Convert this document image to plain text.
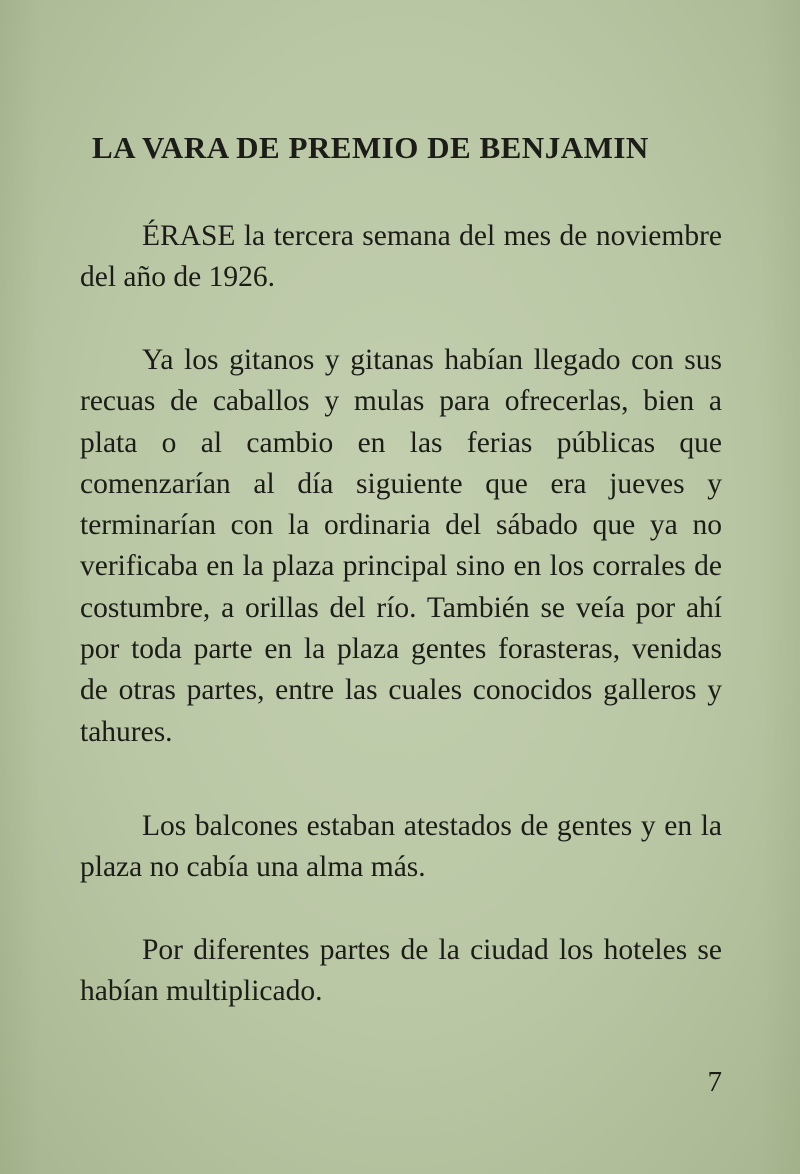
LA VARA DE PREMIO DE BENJAMIN

ÉRASE la tercera semana del mes de noviembre del año de 1926.

Ya los gitanos y gitanas habían llegado con sus recuas de caballos y mulas para ofrecerlas, bien a plata o al cambio en las ferias públicas que comenzarían al día siguiente que era jueves y terminarían con la ordinaria del sábado que ya no verificaba en la plaza principal sino en los corrales de costumbre, a orillas del río. También se veía por ahí por toda parte en la plaza gentes forasteras, venidas de otras partes, entre las cuales conocidos galleros y tahures.

Los balcones estaban atestados de gentes y en la plaza no cabía una alma más.

Por diferentes partes de la ciudad los hoteles se habían multiplicado.

7
